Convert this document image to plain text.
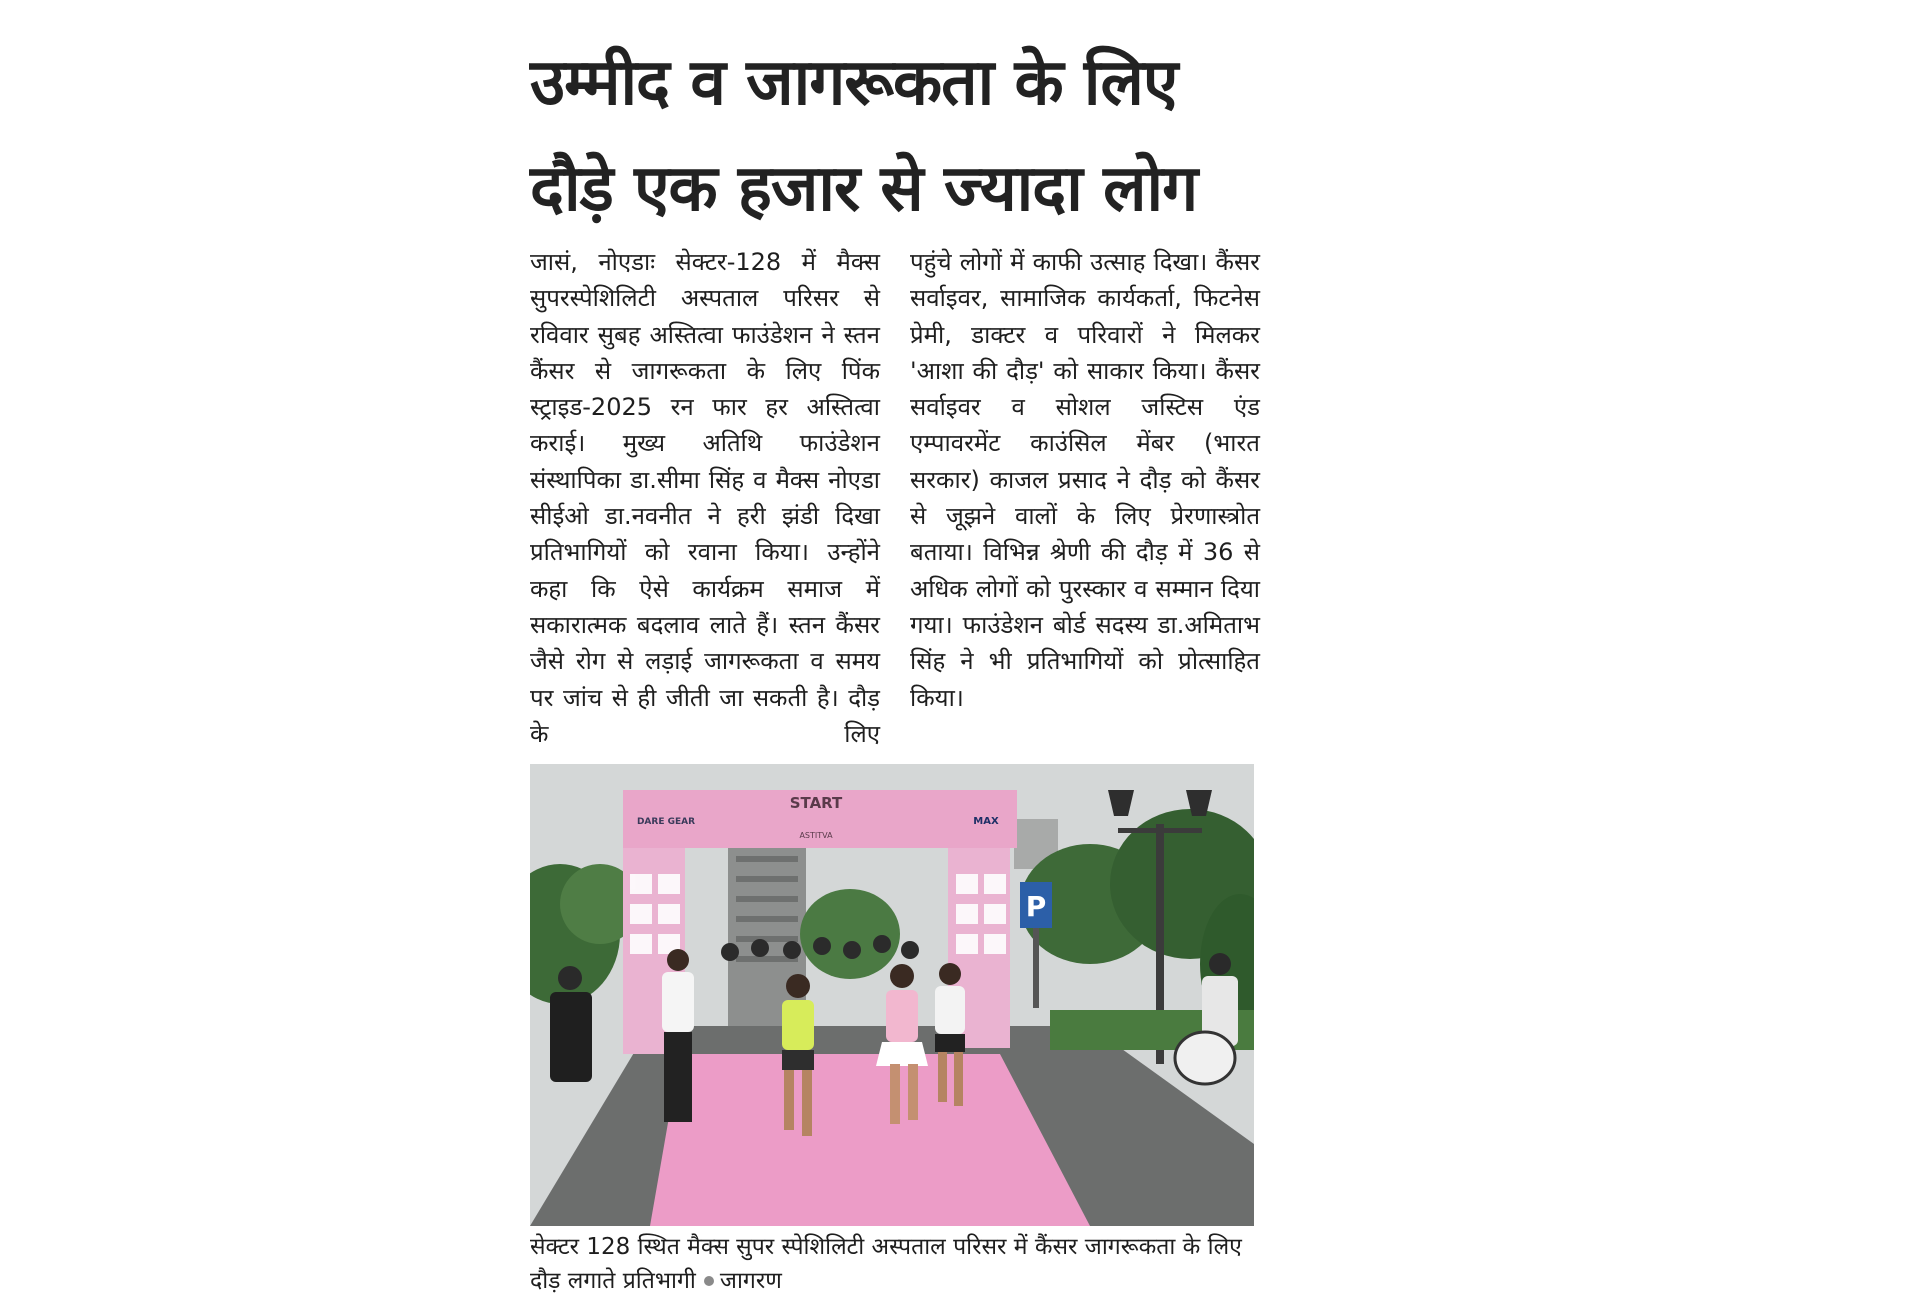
उम्मीद व जागरूकता के लिए
दौड़े एक हजार से ज्यादा लोग
जासं, नोएडाः सेक्टर-128 में मैक्स सुपरस्पेशिलिटी अस्पताल परिसर से रविवार सुबह अस्तित्वा फाउंडेशन ने स्तन कैंसर से जागरूकता के लिए पिंक स्ट्राइड-2025 रन फार हर अस्तित्वा कराई। मुख्य अतिथि फाउंडेशन संस्थापिका डा.सीमा सिंह व मैक्स नोएडा सीईओ डा.नवनीत ने हरी झंडी दिखा प्रतिभागियों को रवाना किया। उन्होंने कहा कि ऐसे कार्यक्रम समाज में सकारात्मक बदलाव लाते हैं। स्तन कैंसर जैसे रोग से लड़ाई जागरूकता व समय पर जांच से ही जीती जा सकती है। दौड़ के लिए
पहुंचे लोगों में काफी उत्साह दिखा। कैंसर सर्वाइवर, सामाजिक कार्यकर्ता, फिटनेस प्रेमी, डाक्टर व परिवारों ने मिलकर 'आशा की दौड़' को साकार किया। कैंसर सर्वाइवर व सोशल जस्टिस एंड एम्पावरमेंट काउंसिल मेंबर (भारत सरकार) काजल प्रसाद ने दौड़ को कैंसर से जूझने वालों के लिए प्रेरणास्त्रोत बताया। विभिन्न श्रेणी की दौड़ में 36 से अधिक लोगों को पुरस्कार व सम्मान दिया गया। फाउंडेशन बोर्ड सदस्य डा.अमिताभ सिंह ने भी प्रतिभागियों को प्रोत्साहित किया।
P
START
ASTITVA
DARE GEAR	MAX
सेक्टर 128 स्थित मैक्स सुपर स्पेशिलिटी अस्पताल परिसर में कैंसर जागरूकता के लिए
दौड़ लगाते प्रतिभागी जागरण
